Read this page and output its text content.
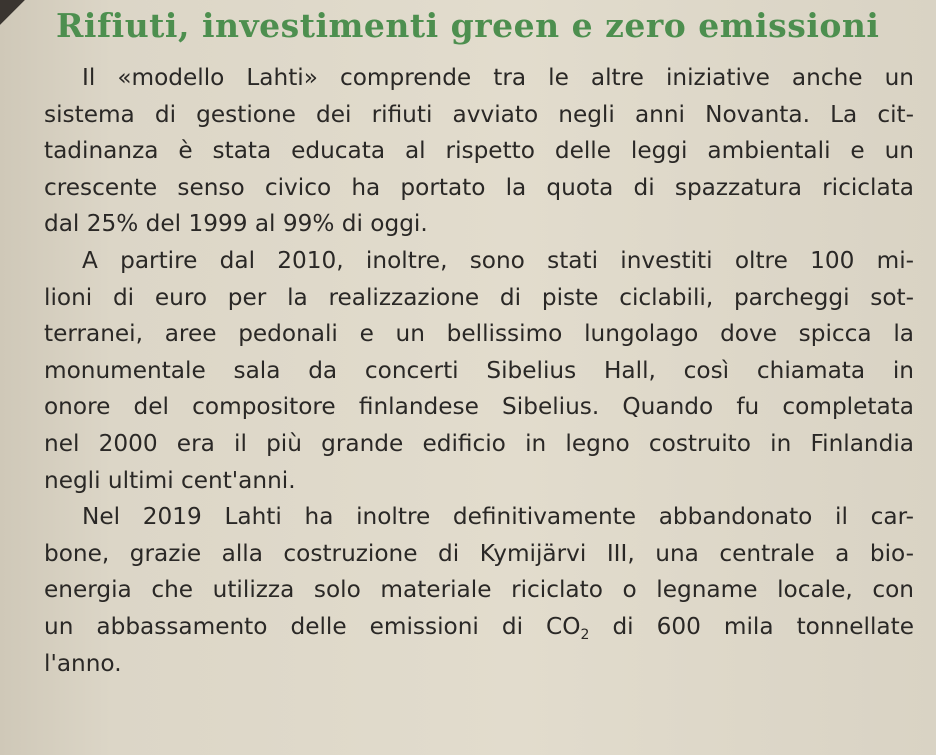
Rifiuti, investimenti green e zero emissioni
Il «modello Lahti» comprende tra le altre iniziative anche un
sistema di gestione dei rifiuti avviato negli anni Novanta. La cit-
tadinanza è stata educata al rispetto delle leggi ambientali e un
crescente senso civico ha portato la quota di spazzatura riciclata
dal 25% del 1999 al 99% di oggi.
A partire dal 2010, inoltre, sono stati investiti oltre 100 mi-
lioni di euro per la realizzazione di piste ciclabili, parcheggi sot-
terranei, aree pedonali e un bellissimo lungolago dove spicca la
monumentale sala da concerti Sibelius Hall, così chiamata in
onore del compositore finlandese Sibelius. Quando fu completata
nel 2000 era il più grande edificio in legno costruito in Finlandia
negli ultimi cent'anni.
Nel 2019 Lahti ha inoltre definitivamente abbandonato il car-
bone, grazie alla costruzione di Kymijärvi III, una centrale a bio-
energia che utilizza solo materiale riciclato o legname locale, con
un abbassamento delle emissioni di $CO_2$ di 600 mila tonnellate
l'anno.
